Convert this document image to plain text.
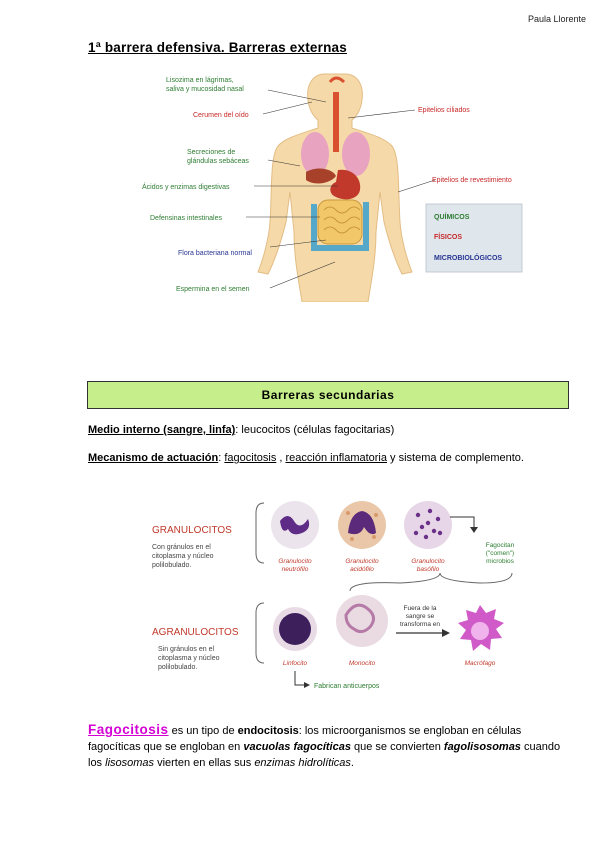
Paula Llorente
1ª barrera defensiva. Barreras externas
Lisozima en lágrimas,
saliva y mucosidad nasal
Cerumen del oído
Secreciones de
glándulas sebáceas
Ácidos y enzimas digestivas
Defensinas intestinales
Flora bacteriana normal
Espermina en el semen
Epitelios ciliados
Epitelios de revestimiento
QUÍMICOS
FÍSICOS
MICROBIOLÓGICOS
Barreras secundarias
Medio interno (sangre, linfa): leucocitos (células fagocitarias)
Mecanismo de actuación: fagocitosis , reacción inflamatoria y sistema de complemento.
GRANULOCITOS
Con gránulos en el
citoplasma y núcleo
polilobulado.
Granulocito
neutrófilo
Granulocito
acidófilo
Granulocito
basófilo
Fagocitan
("comen")
microbios
AGRANULOCITOS
Sin gránulos en el
citoplasma y núcleo
polilobulado.
Fuera de la
sangre se
transforma en
Linfocito	Monocito	Macrófago
Fabrican anticuerpos
Fagocitosis es un tipo de endocitosis: los microorganismos se engloban en células fagocíticas que se engloban en vacuolas fagocíticas que se convierten fagolisosomas cuando los lisosomas vierten en ellas sus enzimas hidrolíticas.
